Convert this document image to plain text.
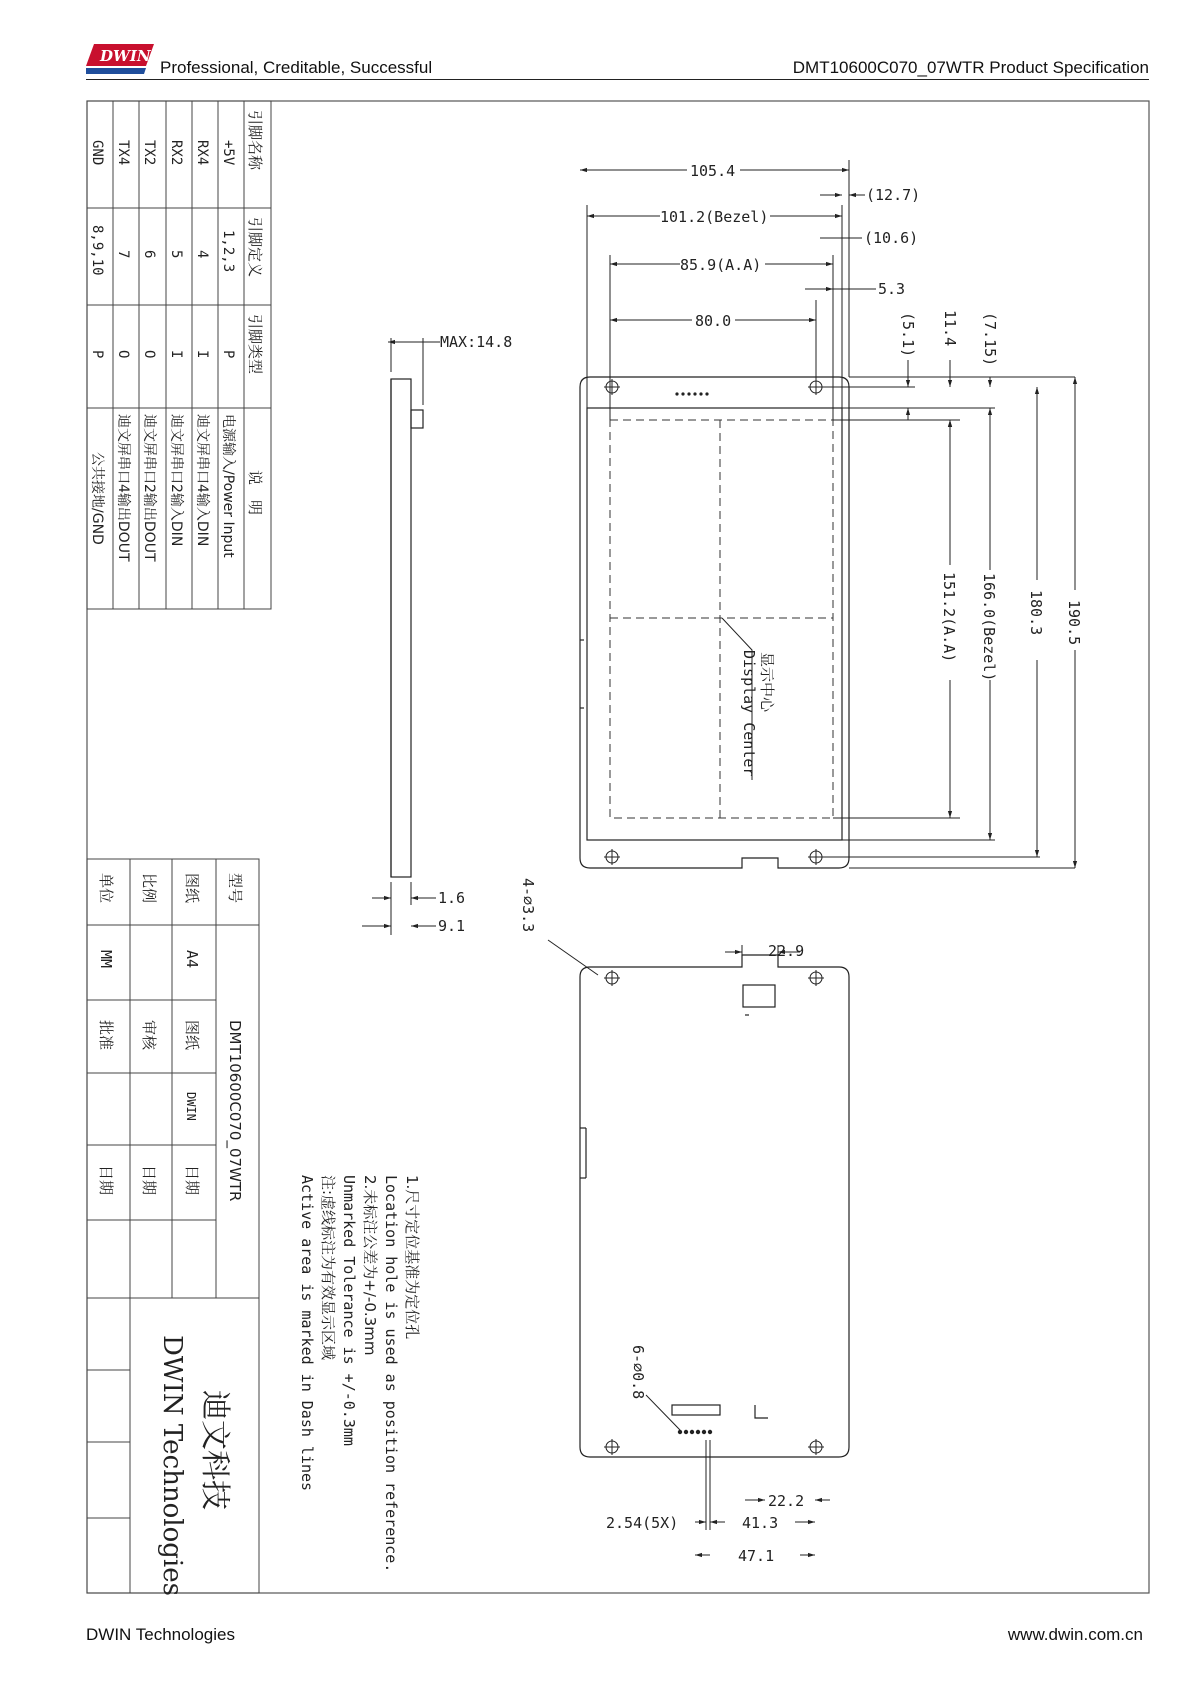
DWIN
Professional, Creditable, Successful	DMT10600C070_07WTR Product Specification
引脚名称
引脚定义
引脚类型
说　明
+5V
1,2,3
P
电源输入/Power Input
RX4
4
I
迪文屏串口4输入DIN
RX2
5
I
迪文屏串口2输入DIN
TX2
6
O
迪文屏串口2输出DOUT
TX4
7
O
迪文屏串口4输出DOUT
GND
8,9,10
P
公共接地/GND
型号
DMT10600C070_07WTR
图纸
A4
比例
单位
MM
图纸
DWIN
审核
批准
日期
日期
日期
迪文科技
DWIN Technologies
MAX:14.8
1.6
9.1
显示中心
Display Center
105.4
101.2(Bezel)
85.9(A.A)
80.0
(12.7)
(10.6)
5.3
(5.1) 11.4 (7.15)
151.2(A.A) 166.0(Bezel) 180.3 190.5
4-⌀3.3
22.9
6-⌀0.8
22.2
41.3
47.1
2.54(5X)
1.尺寸定位基准为定位孔
Location hole is used as position reference.
2.未标注公差为+/-0.3mm
Unmarked Tolerance is +/-0.3mm
注:虚线标注为有效显示区域
Active area is marked in Dash lines
DWIN Technologies	www.dwin.com.cn
